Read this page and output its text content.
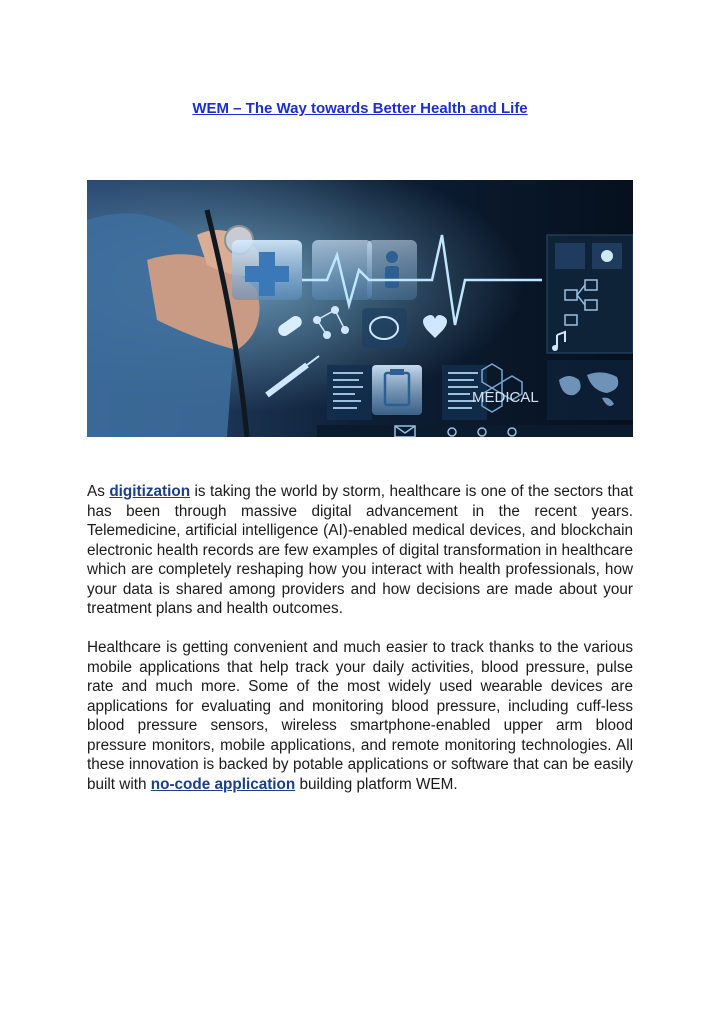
WEM – The Way towards Better Health and Life
MEDICAL

As digitization is taking the world by storm, healthcare is one of the sectors that has been through massive digital advancement in the recent years. Telemedicine, artificial intelligence (AI)-enabled medical devices, and blockchain electronic health records are few examples of digital transformation in healthcare which are completely reshaping how you interact with health professionals, how your data is shared among providers and how decisions are made about your treatment plans and health outcomes.

Healthcare is getting convenient and much easier to track thanks to the various mobile applications that help track your daily activities, blood pressure, pulse rate and much more. Some of the most widely used wearable devices are applications for evaluating and monitoring blood pressure, including cuff-less blood pressure sensors, wireless smartphone-enabled upper arm blood pressure monitors, mobile applications, and remote monitoring technologies. All these innovation is backed by potable applications or software that can be easily built with no-code application building platform WEM.
